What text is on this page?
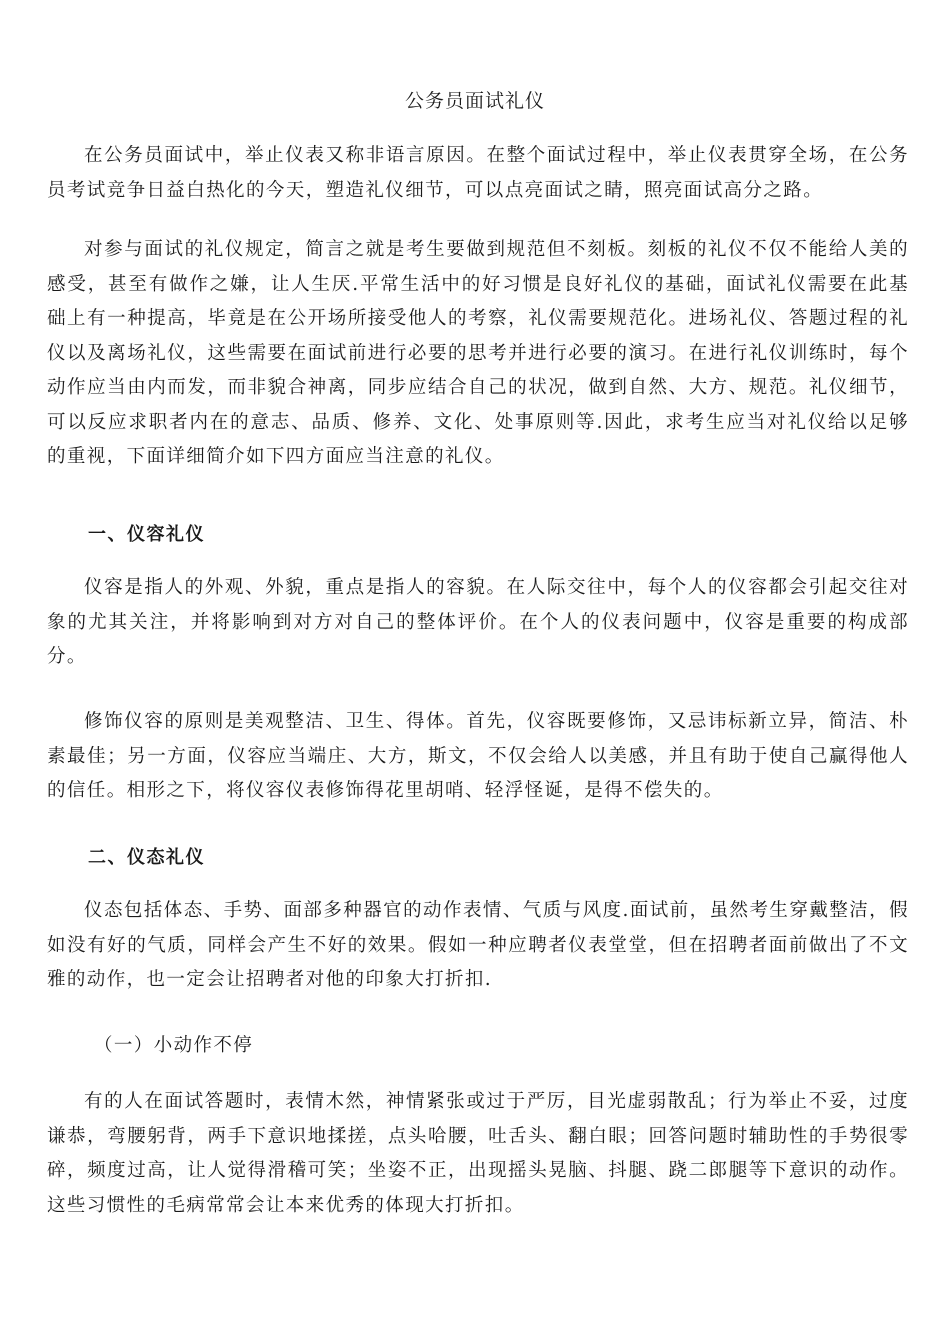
公务员面试礼仪

在公务员面试中，举止仪表又称非语言原因。在整个面试过程中，举止仪表贯穿全场，在公务员考试竞争日益白热化的今天，塑造礼仪细节，可以点亮面试之睛，照亮面试高分之路。

对参与面试的礼仪规定，简言之就是考生要做到规范但不刻板。刻板的礼仪不仅不能给人美的感受，甚至有做作之嫌，让人生厌.平常生活中的好习惯是良好礼仪的基础，面试礼仪需要在此基础上有一种提高，毕竟是在公开场所接受他人的考察，礼仪需要规范化。进场礼仪、答题过程的礼仪以及离场礼仪，这些需要在面试前进行必要的思考并进行必要的演习。在进行礼仪训练时，每个动作应当由内而发，而非貌合神离，同步应结合自己的状况，做到自然、大方、规范。礼仪细节，可以反应求职者内在的意志、品质、修养、文化、处事原则等.因此，求考生应当对礼仪给以足够的重视，下面详细简介如下四方面应当注意的礼仪。

一、仪容礼仪

仪容是指人的外观、外貌，重点是指人的容貌。在人际交往中，每个人的仪容都会引起交往对象的尤其关注，并将影响到对方对自己的整体评价。在个人的仪表问题中，仪容是重要的构成部分。

修饰仪容的原则是美观整洁、卫生、得体。首先，仪容既要修饰，又忌讳标新立异，简洁、朴素最佳；另一方面，仪容应当端庄、大方，斯文，不仅会给人以美感，并且有助于使自己赢得他人的信任。相形之下，将仪容仪表修饰得花里胡哨、轻浮怪诞，是得不偿失的。

二、仪态礼仪

仪态包括体态、手势、面部多种器官的动作表情、气质与风度.面试前，虽然考生穿戴整洁，假如没有好的气质，同样会产生不好的效果。假如一种应聘者仪表堂堂，但在招聘者面前做出了不文雅的动作，也一定会让招聘者对他的印象大打折扣.

（一）小动作不停

有的人在面试答题时，表情木然，神情紧张或过于严厉，目光虚弱散乱；行为举止不妥，过度谦恭，弯腰躬背，两手下意识地揉搓，点头哈腰，吐舌头、翻白眼；回答问题时辅助性的手势很零碎，频度过高，让人觉得滑稽可笑；坐姿不正，出现摇头晃脑、抖腿、跷二郎腿等下意识的动作。这些习惯性的毛病常常会让本来优秀的体现大打折扣。
